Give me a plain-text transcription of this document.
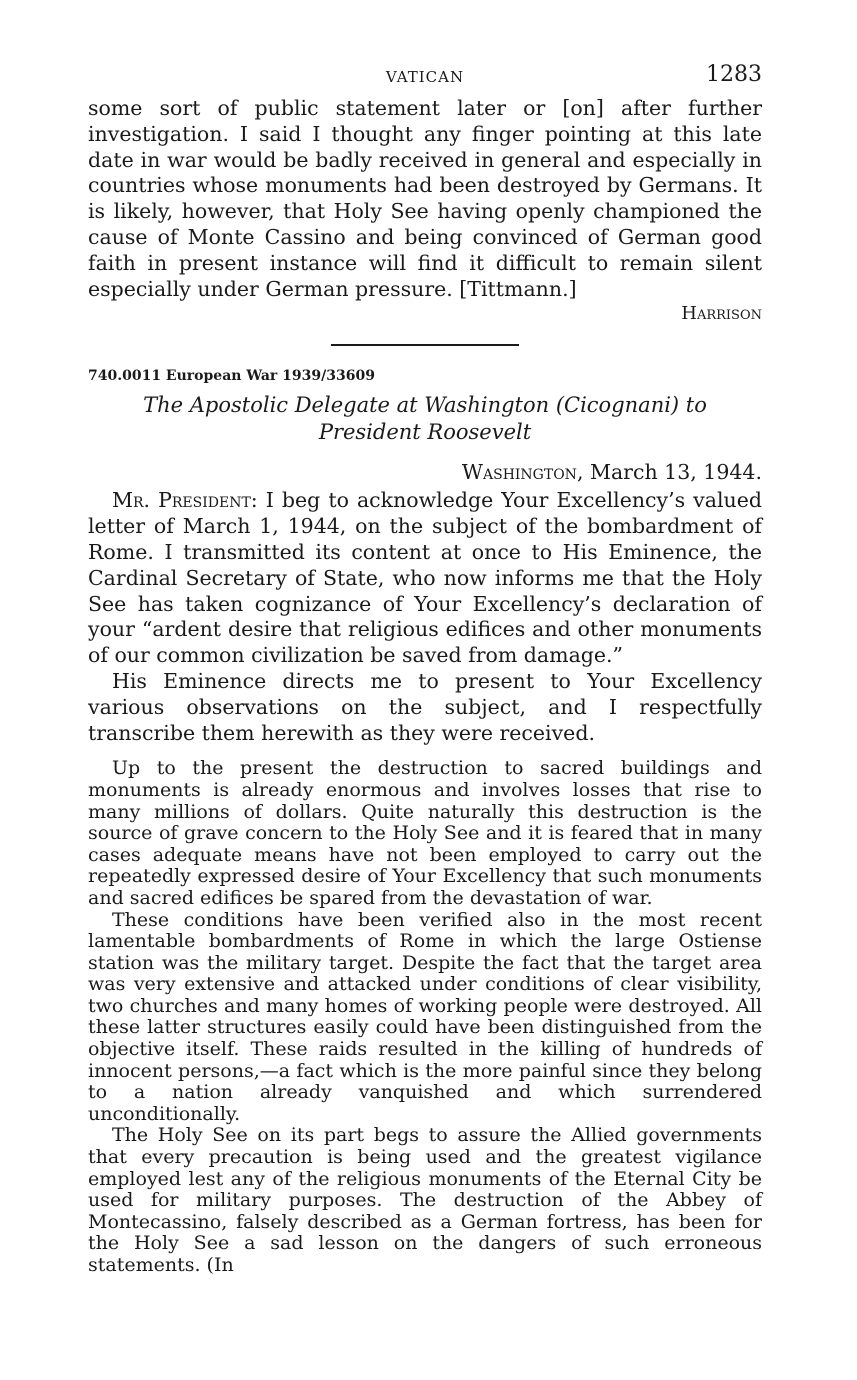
VATICAN	1283

some sort of public statement later or [on] after further investigation. I said I thought any finger pointing at this late date in war would be badly received in general and especially in countries whose monuments had been destroyed by Germans. It is likely, however, that Holy See having openly championed the cause of Monte Cassino and being convinced of German good faith in present instance will find it difficult to remain silent especially under German pressure. [Tittmann.]

Harrison
740.0011 European War 1939/33609
The Apostolic Delegate at Washington (Cicognani) to
President Roosevelt
Washington, March 13, 1944.

Mr. President: I beg to acknowledge Your Excellency’s valued letter of March 1, 1944, on the subject of the bombardment of Rome. I transmitted its content at once to His Eminence, the Cardinal Secretary of State, who now informs me that the Holy See has taken cognizance of Your Excellency’s declaration of your “ardent desire that religious edifices and other monuments of our common civilization be saved from damage.”

His Eminence directs me to present to Your Excellency various observations on the subject, and I respectfully transcribe them herewith as they were received.

Up to the present the destruction to sacred buildings and monuments is already enormous and involves losses that rise to many millions of dollars. Quite naturally this destruction is the source of grave concern to the Holy See and it is feared that in many cases adequate means have not been employed to carry out the repeatedly expressed desire of Your Excellency that such monuments and sacred edifices be spared from the devastation of war.

These conditions have been verified also in the most recent lamentable bombardments of Rome in which the large Ostiense station was the military target. Despite the fact that the target area was very extensive and attacked under conditions of clear visibility, two churches and many homes of working people were destroyed. All these latter structures easily could have been distinguished from the objective itself. These raids resulted in the killing of hundreds of innocent persons,—a fact which is the more painful since they belong to a nation already vanquished and which surrendered unconditionally.

The Holy See on its part begs to assure the Allied governments that every precaution is being used and the greatest vigilance employed lest any of the religious monuments of the Eternal City be used for military purposes. The destruction of the Abbey of Montecassino, falsely described as a German fortress, has been for the Holy See a sad lesson on the dangers of such erroneous statements. (In
